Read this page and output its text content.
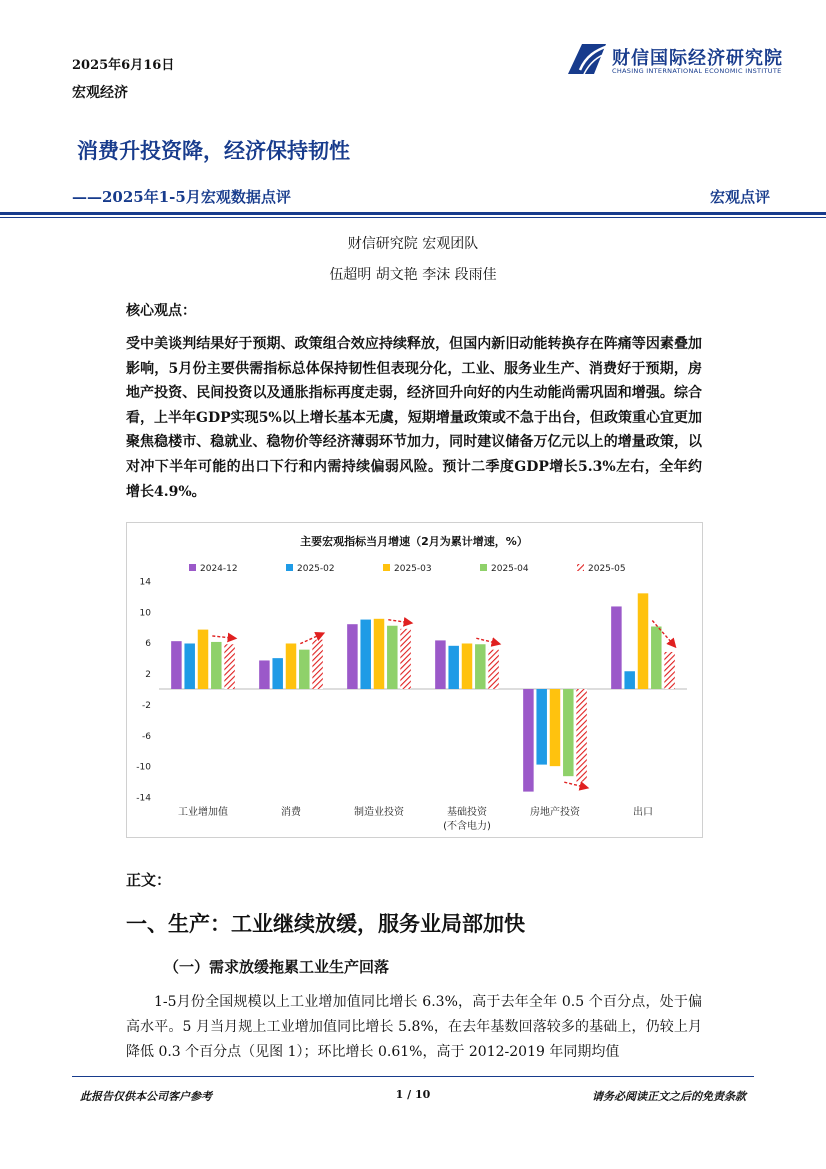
2025年6月16日
宏观经济
财信国际经济研究院
CHASING INTERNATIONAL ECONOMIC INSTITUTE
消费升投资降，经济保持韧性
——2025年1-5月宏观数据点评	宏观点评
财信研究院 宏观团队
伍超明 胡文艳 李沫 段雨佳
核心观点：
受中美谈判结果好于预期、政策组合效应持续释放，但国内新旧动能转换存在阵痛等因素叠加影响，5月份主要供需指标总体保持韧性但表现分化，工业、服务业生产、消费好于预期，房地产投资、民间投资以及通胀指标再度走弱，经济回升向好的内生动能尚需巩固和增强。综合看，上半年GDP实现5%以上增长基本无虞，短期增量政策或不急于出台，但政策重心宜更加聚焦稳楼市、稳就业、稳物价等经济薄弱环节加力，同时建议储备万亿元以上的增量政策，以对冲下半年可能的出口下行和内需持续偏弱风险。预计二季度GDP增长5.3%左右，全年约增长4.9%。
主要宏观指标当月增速（2月为累计增速，%）
2024-12	2025-02	2025-03	2025-04	2025-05
14
10
6
2
-2
-6
-10
-14
工业增加值	消费	制造业投资	基础投资
(不含电力)
房地产投资	出口
正文：
一、生产：工业继续放缓，服务业局部加快
（一）需求放缓拖累工业生产回落
1-5月份全国规模以上工业增加值同比增长 6.3%，高于去年全年 0.5 个百分点，处于偏高水平。5 月当月规上工业增加值同比增长 5.8%，在去年基数回落较多的基础上，仍较上月降低 0.3 个百分点（见图 1）；环比增长 0.61%，高于 2012-2019 年同期均值
此报告仅供本公司客户参考	1 / 10	请务必阅读正文之后的免责条款
